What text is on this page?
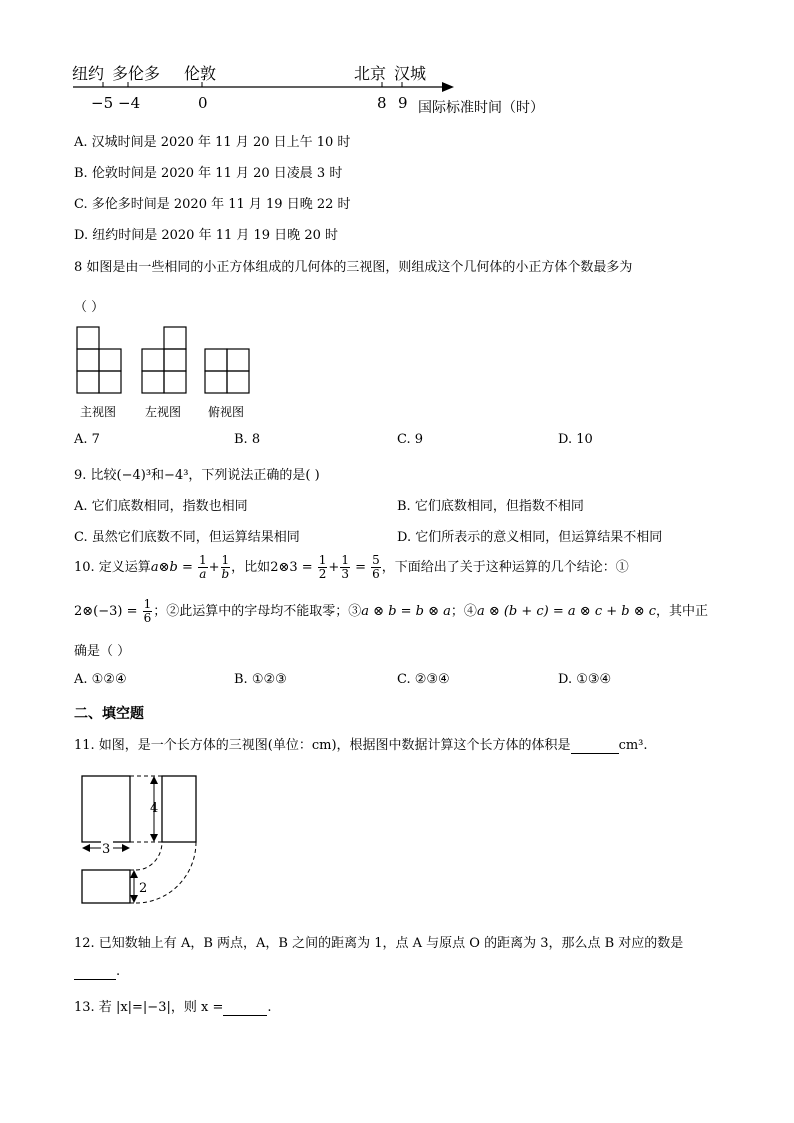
纽约 多伦多 伦敦	北京 汉城
−5 −4	0	8 9 国际标准时间（时）
A. 汉城时间是 2020 年 11 月 20 日上午 10 时
B. 伦敦时间是 2020 年 11 月 20 日凌晨 3 时
C. 多伦多时间是 2020 年 11 月 19 日晚 22 时
D. 纽约时间是 2020 年 11 月 19 日晚 20 时
8 如图是由一些相同的小正方体组成的几何体的三视图，则组成这个几何体的小正方体个数最多为
（ ）
主视图 左视图 俯视图
A. 7	B. 8	C. 9	D. 10
9. 比较(−4)³和−4³，下列说法正确的是( )
A. 它们底数相同，指数也相同	B. 它们底数相同，但指数不相同
C. 虽然它们底数不同，但运算结果相同	D. 它们所表示的意义相同，但运算结果不相同
10. 定义运算a⊗b = $\frac{1}{a} + \frac{1}{b}$ ，比如2⊗3 = $\frac{1}{2} + \frac{1}{3} = \frac{5}{6}$ ，下面给出了关于这种运算的几个结论：①
2⊗(−3) = $\frac{1}{6}$ ；②此运算中的字母均不能取零；③a ⊗ b = b ⊗ a；④a ⊗ (b + c) = a ⊗ c + b ⊗ c，其中正
确是（ ）
A. ①②④	B. ①②③	C. ②③④	D. ①③④
二、填空题
11. 如图，是一个长方体的三视图(单位：cm)，根据图中数据计算这个长方体的体积是	cm³.
4
3
2
12. 已知数轴上有 A，B 两点，A，B 之间的距离为 1，点 A 与原点 O 的距离为 3，那么点 B 对应的数是
.
13. 若 |x|=|−3|，则 x =	.
